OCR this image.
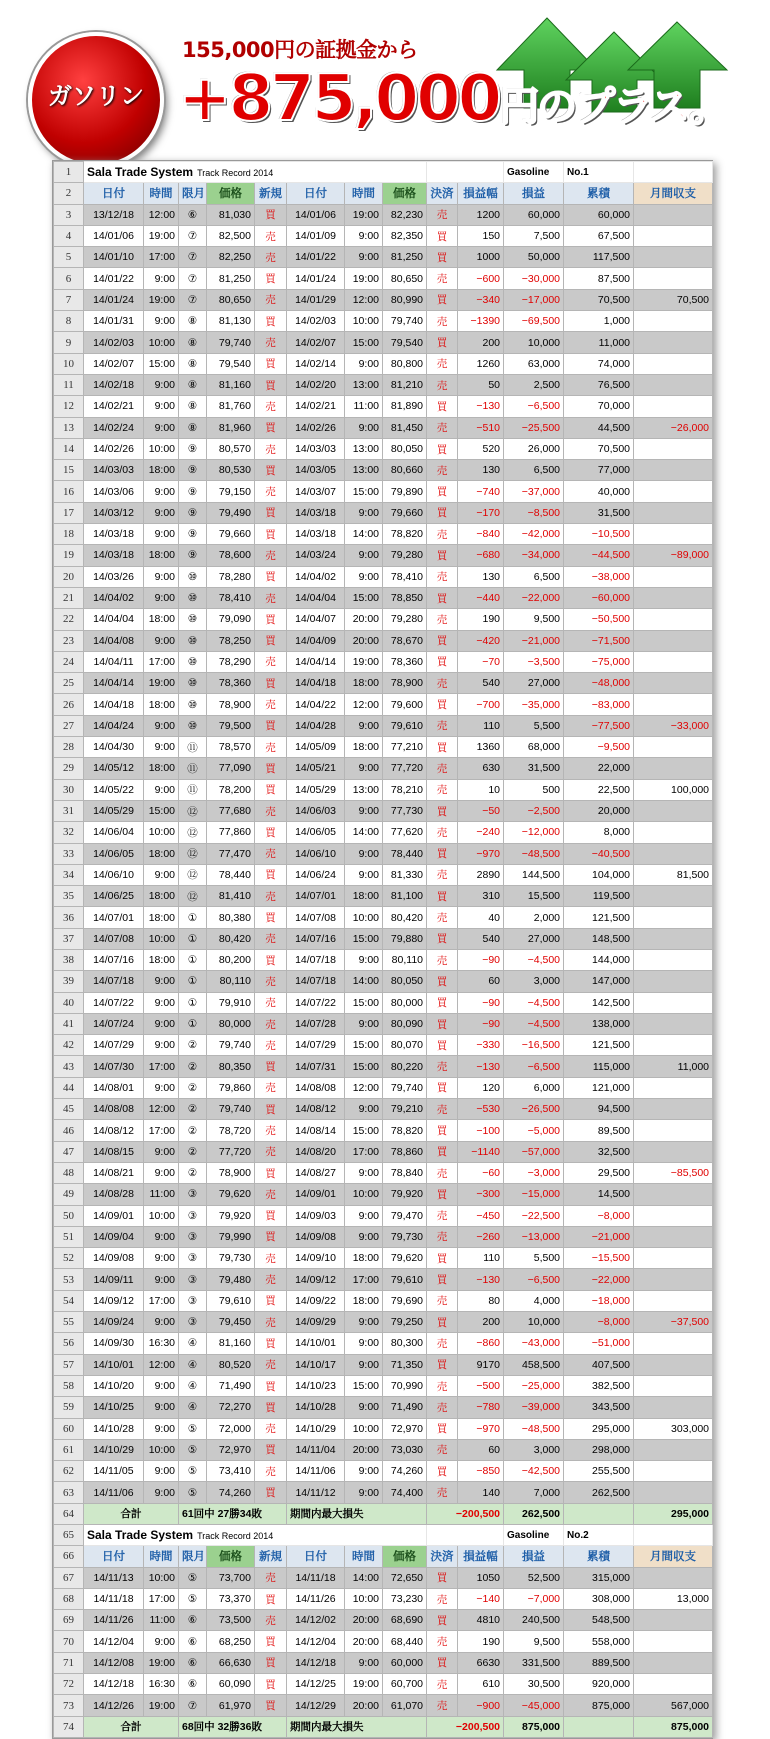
ガソリン
155,000円の証拠金から
+875,000円のプラス。
1	Sala Trade System Track Record 2014										Gasoline	No.1	
2	日付	時間	限月	価格	新規	日付	時間	価格	決済	損益幅	損益	累積	月間収支
3	13/12/18	12:00	⑥	81,030	買	14/01/06	19:00	82,230	売	1200	60,000	60,000	
4	14/01/06	19:00	⑦	82,500	売	14/01/09	9:00	82,350	買	150	7,500	67,500	
5	14/01/10	17:00	⑦	82,250	売	14/01/22	9:00	81,250	買	1000	50,000	117,500	
6	14/01/22	9:00	⑦	81,250	買	14/01/24	19:00	80,650	売	−600	−30,000	87,500	
7	14/01/24	19:00	⑦	80,650	売	14/01/29	12:00	80,990	買	−340	−17,000	70,500	70,500
8	14/01/31	9:00	⑧	81,130	買	14/02/03	10:00	79,740	売	−1390	−69,500	1,000	
9	14/02/03	10:00	⑧	79,740	売	14/02/07	15:00	79,540	買	200	10,000	11,000	
10	14/02/07	15:00	⑧	79,540	買	14/02/14	9:00	80,800	売	1260	63,000	74,000	
11	14/02/18	9:00	⑧	81,160	買	14/02/20	13:00	81,210	売	50	2,500	76,500	
12	14/02/21	9:00	⑧	81,760	売	14/02/21	11:00	81,890	買	−130	−6,500	70,000	
13	14/02/24	9:00	⑧	81,960	買	14/02/26	9:00	81,450	売	−510	−25,500	44,500	−26,000
14	14/02/26	10:00	⑨	80,570	売	14/03/03	13:00	80,050	買	520	26,000	70,500	
15	14/03/03	18:00	⑨	80,530	買	14/03/05	13:00	80,660	売	130	6,500	77,000	
16	14/03/06	9:00	⑨	79,150	売	14/03/07	15:00	79,890	買	−740	−37,000	40,000	
17	14/03/12	9:00	⑨	79,490	買	14/03/18	9:00	79,660	買	−170	−8,500	31,500	
18	14/03/18	9:00	⑨	79,660	買	14/03/18	14:00	78,820	売	−840	−42,000	−10,500	
19	14/03/18	18:00	⑨	78,600	売	14/03/24	9:00	79,280	買	−680	−34,000	−44,500	−89,000
20	14/03/26	9:00	⑩	78,280	買	14/04/02	9:00	78,410	売	130	6,500	−38,000	
21	14/04/02	9:00	⑩	78,410	売	14/04/04	15:00	78,850	買	−440	−22,000	−60,000	
22	14/04/04	18:00	⑩	79,090	買	14/04/07	20:00	79,280	売	190	9,500	−50,500	
23	14/04/08	9:00	⑩	78,250	買	14/04/09	20:00	78,670	買	−420	−21,000	−71,500	
24	14/04/11	17:00	⑩	78,290	売	14/04/14	19:00	78,360	買	−70	−3,500	−75,000	
25	14/04/14	19:00	⑩	78,360	買	14/04/18	18:00	78,900	売	540	27,000	−48,000	
26	14/04/18	18:00	⑩	78,900	売	14/04/22	12:00	79,600	買	−700	−35,000	−83,000	
27	14/04/24	9:00	⑩	79,500	買	14/04/28	9:00	79,610	売	110	5,500	−77,500	−33,000
28	14/04/30	9:00	⑪	78,570	売	14/05/09	18:00	77,210	買	1360	68,000	−9,500	
29	14/05/12	18:00	⑪	77,090	買	14/05/21	9:00	77,720	売	630	31,500	22,000	
30	14/05/22	9:00	⑪	78,200	買	14/05/29	13:00	78,210	売	10	500	22,500	100,000
31	14/05/29	15:00	⑫	77,680	売	14/06/03	9:00	77,730	買	−50	−2,500	20,000	
32	14/06/04	10:00	⑫	77,860	買	14/06/05	14:00	77,620	売	−240	−12,000	8,000	
33	14/06/05	18:00	⑫	77,470	売	14/06/10	9:00	78,440	買	−970	−48,500	−40,500	
34	14/06/10	9:00	⑫	78,440	買	14/06/24	9:00	81,330	売	2890	144,500	104,000	81,500
35	14/06/25	18:00	⑫	81,410	売	14/07/01	18:00	81,100	買	310	15,500	119,500	
36	14/07/01	18:00	①	80,380	買	14/07/08	10:00	80,420	売	40	2,000	121,500	
37	14/07/08	10:00	①	80,420	売	14/07/16	15:00	79,880	買	540	27,000	148,500	
38	14/07/16	18:00	①	80,200	買	14/07/18	9:00	80,110	売	−90	−4,500	144,000	
39	14/07/18	9:00	①	80,110	売	14/07/18	14:00	80,050	買	60	3,000	147,000	
40	14/07/22	9:00	①	79,910	売	14/07/22	15:00	80,000	買	−90	−4,500	142,500	
41	14/07/24	9:00	①	80,000	売	14/07/28	9:00	80,090	買	−90	−4,500	138,000	
42	14/07/29	9:00	②	79,740	売	14/07/29	15:00	80,070	買	−330	−16,500	121,500	
43	14/07/30	17:00	②	80,350	買	14/07/31	15:00	80,220	売	−130	−6,500	115,000	11,000
44	14/08/01	9:00	②	79,860	売	14/08/08	12:00	79,740	買	120	6,000	121,000	
45	14/08/08	12:00	②	79,740	買	14/08/12	9:00	79,210	売	−530	−26,500	94,500	
46	14/08/12	17:00	②	78,720	売	14/08/14	15:00	78,820	買	−100	−5,000	89,500	
47	14/08/15	9:00	②	77,720	売	14/08/20	17:00	78,860	買	−1140	−57,000	32,500	
48	14/08/21	9:00	②	78,900	買	14/08/27	9:00	78,840	売	−60	−3,000	29,500	−85,500
49	14/08/28	11:00	③	79,620	売	14/09/01	10:00	79,920	買	−300	−15,000	14,500	
50	14/09/01	10:00	③	79,920	買	14/09/03	9:00	79,470	売	−450	−22,500	−8,000	
51	14/09/04	9:00	③	79,990	買	14/09/08	9:00	79,730	売	−260	−13,000	−21,000	
52	14/09/08	9:00	③	79,730	売	14/09/10	18:00	79,620	買	110	5,500	−15,500	
53	14/09/11	9:00	③	79,480	売	14/09/12	17:00	79,610	買	−130	−6,500	−22,000	
54	14/09/12	17:00	③	79,610	買	14/09/22	18:00	79,690	売	80	4,000	−18,000	
55	14/09/24	9:00	③	79,450	売	14/09/29	9:00	79,250	買	200	10,000	−8,000	−37,500
56	14/09/30	16:30	④	81,160	買	14/10/01	9:00	80,300	売	−860	−43,000	−51,000	
57	14/10/01	12:00	④	80,520	売	14/10/17	9:00	71,350	買	9170	458,500	407,500	
58	14/10/20	9:00	④	71,490	買	14/10/23	15:00	70,990	売	−500	−25,000	382,500	
59	14/10/25	9:00	④	72,270	買	14/10/28	9:00	71,490	売	−780	−39,000	343,500	
60	14/10/28	9:00	⑤	72,000	売	14/10/29	10:00	72,970	買	−970	−48,500	295,000	303,000
61	14/10/29	10:00	⑤	72,970	買	14/11/04	20:00	73,030	売	60	3,000	298,000	
62	14/11/05	9:00	⑤	73,410	売	14/11/06	9:00	74,260	買	−850	−42,500	255,500	
63	14/11/06	9:00	⑤	74,260	買	14/11/12	9:00	74,400	売	140	7,000	262,500	
64	合計		61回中 27勝34敗			期間内最大損失			−200,500		262,500		295,000
65	Sala Trade System Track Record 2014										Gasoline	No.2	
66	日付	時間	限月	価格	新規	日付	時間	価格	決済	損益幅	損益	累積	月間収支
67	14/11/13	10:00	⑤	73,700	売	14/11/18	14:00	72,650	買	1050	52,500	315,000	
68	14/11/18	17:00	⑤	73,370	買	14/11/26	10:00	73,230	売	−140	−7,000	308,000	13,000
69	14/11/26	11:00	⑥	73,500	売	14/12/02	20:00	68,690	買	4810	240,500	548,500	
70	14/12/04	9:00	⑥	68,250	買	14/12/04	20:00	68,440	売	190	9,500	558,000	
71	14/12/08	19:00	⑥	66,630	買	14/12/18	9:00	60,000	買	6630	331,500	889,500	
72	14/12/18	16:30	⑥	60,090	買	14/12/25	19:00	60,700	売	610	30,500	920,000	
73	14/12/26	19:00	⑦	61,970	買	14/12/29	20:00	61,070	売	−900	−45,000	875,000	567,000
74	合計		68回中 32勝36敗			期間内最大損失			−200,500		875,000		875,000
